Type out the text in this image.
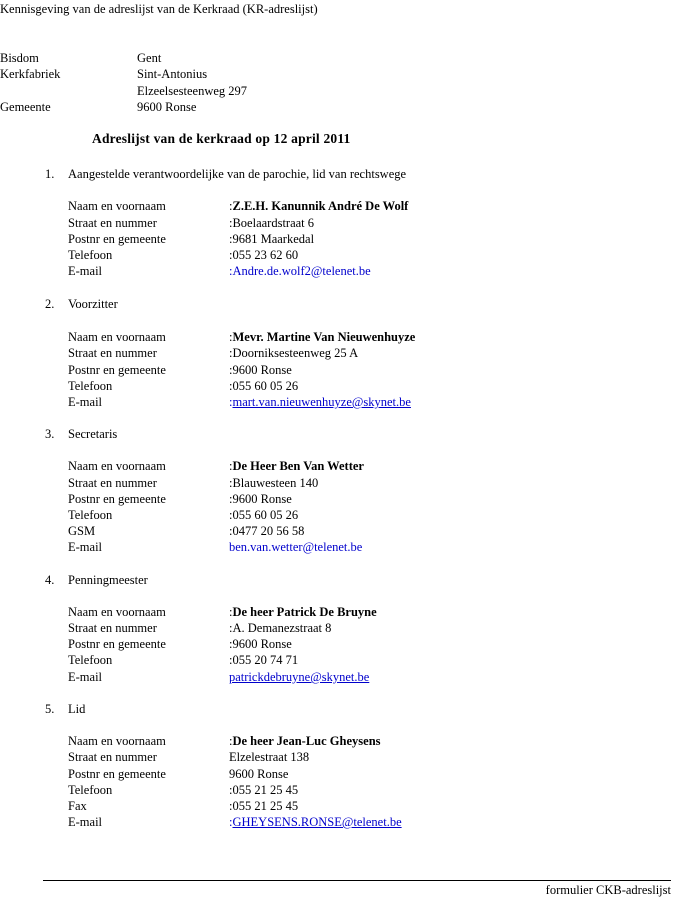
Kennisgeving van de adreslijst van de Kerkraad (KR-adreslijst)
Bisdom	Gent
Kerkfabriek	Sint-Antonius
Elzeelsesteenweg 297
Gemeente	9600 Ronse
Adreslijst van de kerkraad op 12 april 2011
1. Aangestelde verantwoordelijke van de parochie, lid van rechtswege
Naam en voornaam	:Z.E.H. Kanunnik André De Wolf
Straat en nummer	:Boelaardstraat 6
Postnr en gemeente	:9681 Maarkedal
Telefoon	:055 23 62 60
E-mail	:Andre.de.wolf2@telenet.be
2. Voorzitter
Naam en voornaam	:Mevr. Martine Van Nieuwenhuyze
Straat en nummer	:Doorniksesteenweg 25 A
Postnr en gemeente	:9600 Ronse
Telefoon	:055 60 05 26
E-mail	:mart.van.nieuwenhuyze@skynet.be
3. Secretaris
Naam en voornaam	:De Heer Ben Van Wetter
Straat en nummer	:Blauwesteen 140
Postnr en gemeente	:9600 Ronse
Telefoon	:055 60 05 26
GSM	:0477 20 56 58
E-mail	ben.van.wetter@telenet.be
4. Penningmeester
Naam en voornaam	:De heer Patrick De Bruyne
Straat en nummer	:A. Demanezstraat 8
Postnr en gemeente	:9600 Ronse
Telefoon	:055 20 74 71
E-mail	patrickdebruyne@skynet.be
5. Lid
Naam en voornaam	:De heer Jean-Luc Gheysens
Straat en nummer	Elzelestraat 138
Postnr en gemeente	9600 Ronse
Telefoon	:055 21 25 45
Fax	:055 21 25 45
E-mail	:GHEYSENS.RONSE@telenet.be
formulier CKB-adreslijst
